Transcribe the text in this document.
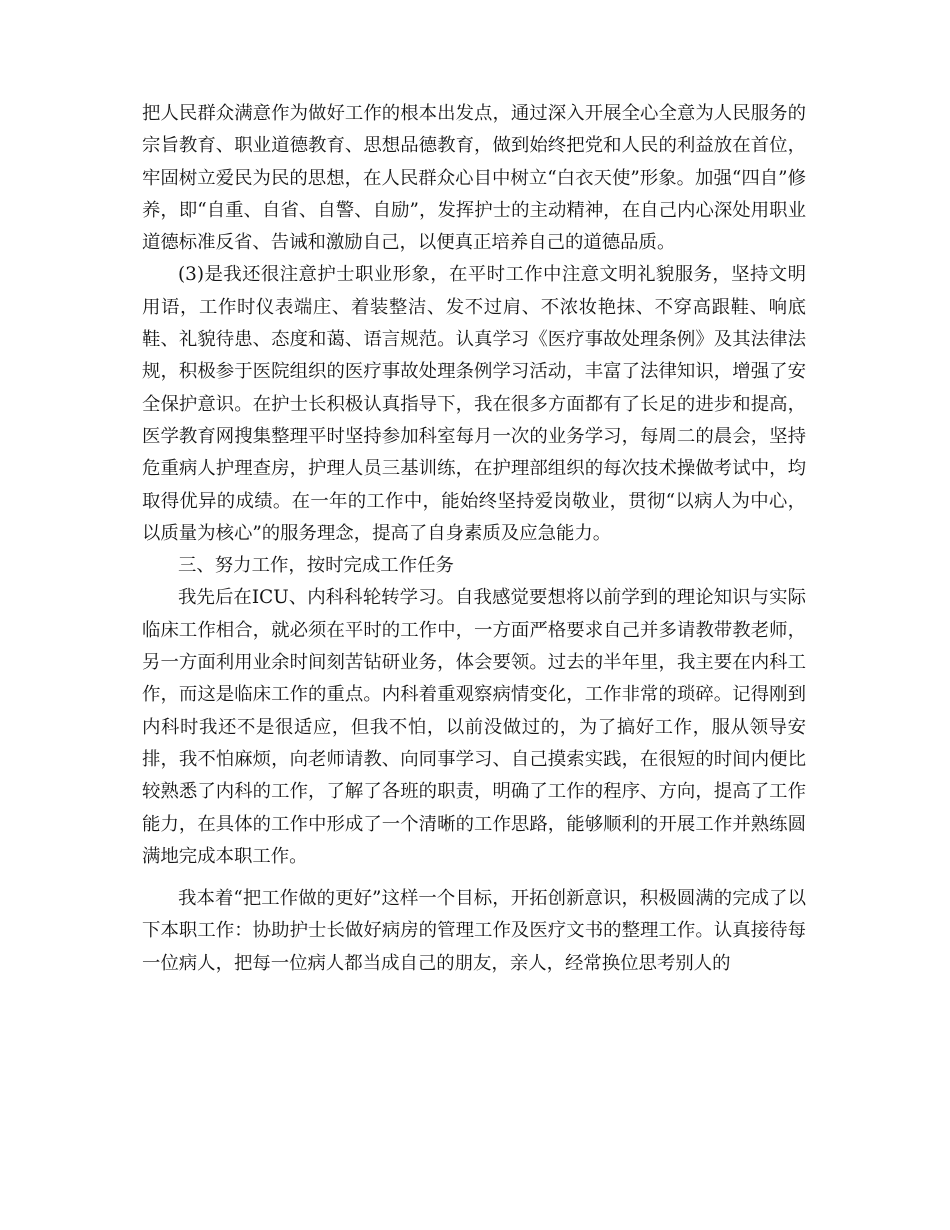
把人民群众满意作为做好工作的根本出发点，通过深入开展全心全意为人民服务的宗旨教育、职业道德教育、思想品德教育，做到始终把党和人民的利益放在首位，牢固树立爱民为民的思想，在人民群众心目中树立“白衣天使”形象。加强“四自”修养，即“自重、自省、自警、自励”，发挥护士的主动精神，在自己内心深处用职业道德标准反省、告诫和激励自己，以便真正培养自己的道德品质。

(3)是我还很注意护士职业形象，在平时工作中注意文明礼貌服务，坚持文明用语，工作时仪表端庄、着装整洁、发不过肩、不浓妆艳抹、不穿高跟鞋、响底鞋、礼貌待患、态度和蔼、语言规范。认真学习《医疗事故处理条例》及其法律法规，积极参于医院组织的医疗事故处理条例学习活动，丰富了法律知识，增强了安全保护意识。在护士长积极认真指导下，我在很多方面都有了长足的进步和提高，医学教育网搜集整理平时坚持参加科室每月一次的业务学习，每周二的晨会，坚持危重病人护理查房，护理人员三基训练，在护理部组织的每次技术操做考试中，均取得优异的成绩。在一年的工作中，能始终坚持爱岗敬业，贯彻“以病人为中心，以质量为核心”的服务理念，提高了自身素质及应急能力。

三、努力工作，按时完成工作任务

我先后在ICU、内科科轮转学习。自我感觉要想将以前学到的理论知识与实际临床工作相合，就必须在平时的工作中，一方面严格要求自己并多请教带教老师，另一方面利用业余时间刻苦钻研业务，体会要领。过去的半年里，我主要在内科工作，而这是临床工作的重点。内科着重观察病情变化，工作非常的琐碎。记得刚到内科时我还不是很适应，但我不怕，以前没做过的，为了搞好工作，服从领导安排，我不怕麻烦，向老师请教、向同事学习、自己摸索实践，在很短的时间内便比较熟悉了内科的工作，了解了各班的职责，明确了工作的程序、方向，提高了工作能力，在具体的工作中形成了一个清晰的工作思路，能够顺利的开展工作并熟练圆满地完成本职工作。

我本着“把工作做的更好”这样一个目标，开拓创新意识，积极圆满的完成了以下本职工作：协助护士长做好病房的管理工作及医疗文书的整理工作。认真接待每一位病人，把每一位病人都当成自己的朋友，亲人，经常换位思考别人的
